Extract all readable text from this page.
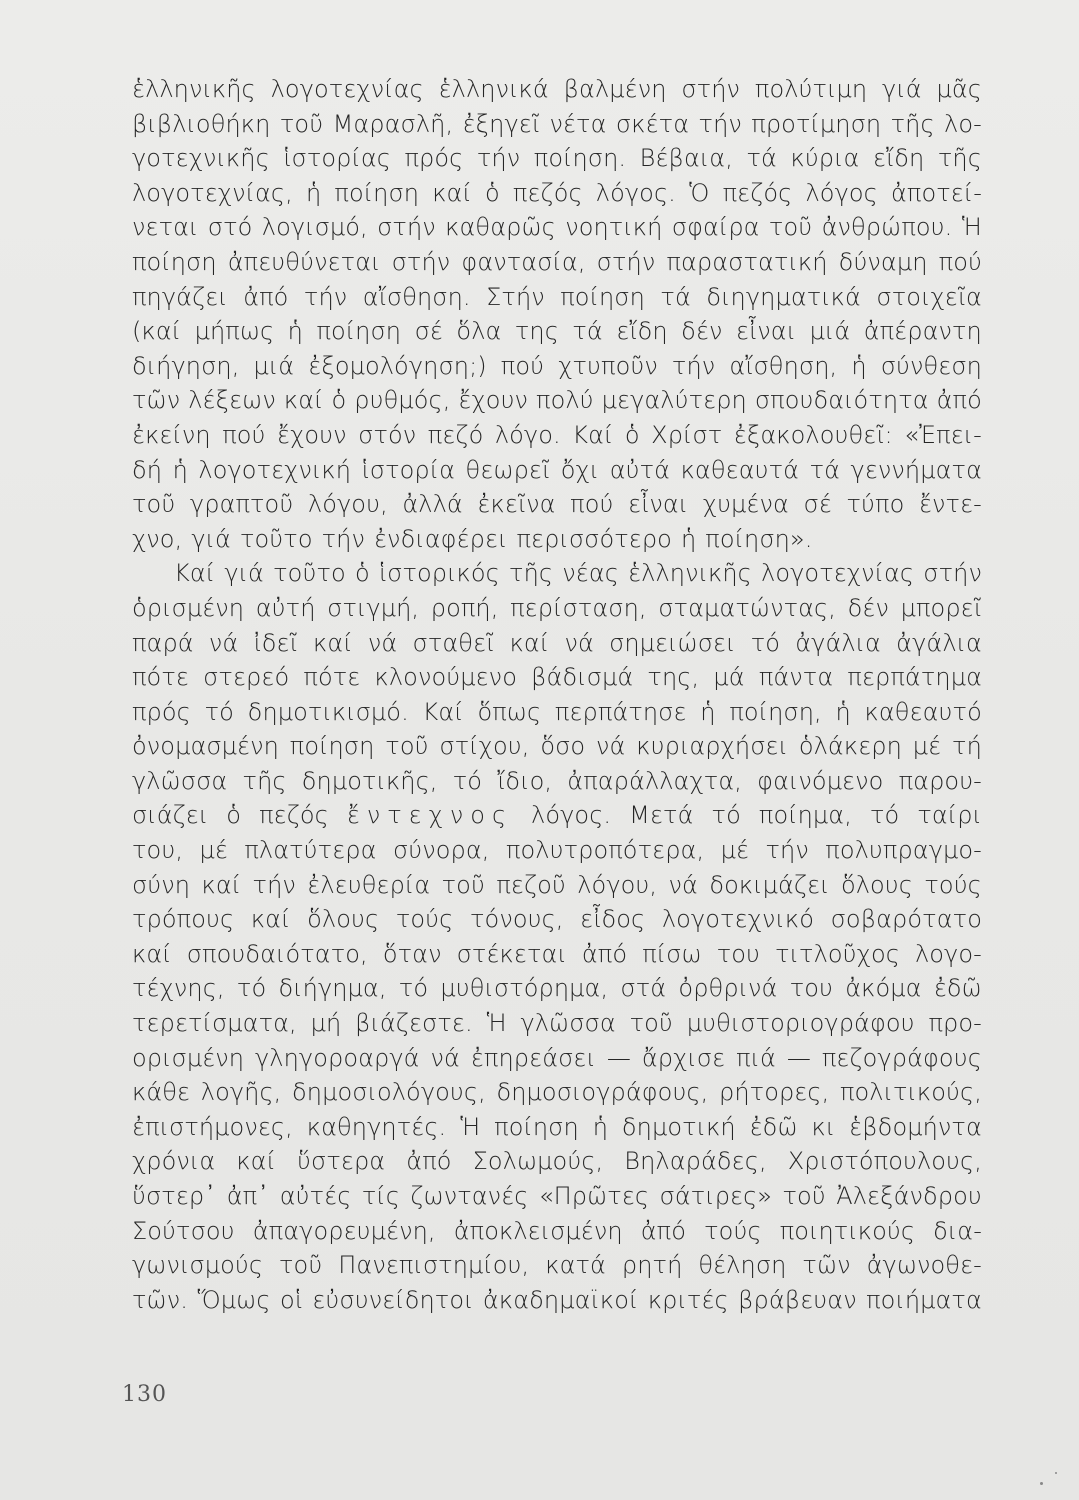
ἑλληνικῆς λογοτεχνίας ἑλληνικά βαλμένη στήν πολύτιμη γιά μᾶς
βιβλιοθήκη τοῦ Μαρασλῆ, ἐξηγεῖ νέτα σκέτα τήν προτίμηση τῆς λο-
γοτεχνικῆς ἱστορίας πρός τήν ποίηση. Βέβαια, τά κύρια εἴδη τῆς
λογοτεχνίας, ἡ ποίηση καί ὁ πεζός λόγος. Ὁ πεζός λόγος ἀποτεί-
νεται στό λογισμό, στήν καθαρῶς νοητική σφαίρα τοῦ ἀνθρώπου. Ἡ
ποίηση ἀπευθύνεται στήν φαντασία, στήν παραστατική δύναμη πού
πηγάζει ἀπό τήν αἴσθηση. Στήν ποίηση τά διηγηματικά στοιχεῖα
(καί μήπως ἡ ποίηση σέ ὅλα της τά εἴδη δέν εἶναι μιά ἀπέραντη
διήγηση, μιά ἐξομολόγηση;) πού χτυποῦν τήν αἴσθηση, ἡ σύνθεση
τῶν λέξεων καί ὁ ρυθμός, ἔχουν πολύ μεγαλύτερη σπουδαιότητα ἀπό
ἐκείνη πού ἔχουν στόν πεζό λόγο. Καί ὁ Χρίστ ἐξακολουθεῖ: «Ἐπει-
δή ἡ λογοτεχνική ἱστορία θεωρεῖ ὄχι αὐτά καθεαυτά τά γεννήματα
τοῦ γραπτοῦ λόγου, ἀλλά ἐκεῖνα πού εἶναι χυμένα σέ τύπο ἔντε-
χνο, γιά τοῦτο τήν ἐνδιαφέρει περισσότερο ἡ ποίηση».
Καί γιά τοῦτο ὁ ἱστορικός τῆς νέας ἑλληνικῆς λογοτεχνίας στήν
ὁρισμένη αὐτή στιγμή, ροπή, περίσταση, σταματώντας, δέν μπορεῖ
παρά νά ἰδεῖ καί νά σταθεῖ καί νά σημειώσει τό ἀγάλια ἀγάλια
πότε στερεό πότε κλονούμενο βάδισμά της, μά πάντα περπάτημα
πρός τό δημοτικισμό. Καί ὅπως περπάτησε ἡ ποίηση, ἡ καθεαυτό
ὀνομασμένη ποίηση τοῦ στίχου, ὅσο νά κυριαρχήσει ὁλάκερη μέ τή
γλῶσσα τῆς δημοτικῆς, τό ἴδιο, ἀπαράλλαχτα, φαινόμενο παρου-
σιάζει ὁ πεζός ἔντεχνος λόγος. Μετά τό ποίημα, τό ταίρι
του, μέ πλατύτερα σύνορα, πολυτροπότερα, μέ τήν πολυπραγμο-
σύνη καί τήν ἐλευθερία τοῦ πεζοῦ λόγου, νά δοκιμάζει ὅλους τούς
τρόπους καί ὅλους τούς τόνους, εἶδος λογοτεχνικό σοβαρότατο
καί σπουδαιότατο, ὅταν στέκεται ἀπό πίσω του τιτλοῦχος λογο-
τέχνης, τό διήγημα, τό μυθιστόρημα, στά ὀρθρινά του ἀκόμα ἐδῶ
τερετίσματα, μή βιάζεστε. Ἡ γλῶσσα τοῦ μυθιστοριογράφου προ-
ορισμένη γληγοροαργά νά ἐπηρεάσει — ἄρχισε πιά — πεζογράφους
κάθε λογῆς, δημοσιολόγους, δημοσιογράφους, ρήτορες, πολιτικούς,
ἐπιστήμονες, καθηγητές. Ἡ ποίηση ἡ δημοτική ἐδῶ κι ἑβδομήντα
χρόνια καί ὕστερα ἀπό Σολωμούς, Βηλαράδες, Χριστόπουλους,
ὕστερ᾽ ἀπ᾽ αὐτές τίς ζωντανές «Πρῶτες σάτιρες» τοῦ Ἀλεξάνδρου
Σούτσου ἀπαγορευμένη, ἀποκλεισμένη ἀπό τούς ποιητικούς δια-
γωνισμούς τοῦ Πανεπιστημίου, κατά ρητή θέληση τῶν ἀγωνοθε-
τῶν. Ὅμως οἱ εὐσυνείδητοι ἀκαδημαϊκοί κριτές βράβευαν ποιήματα
130
